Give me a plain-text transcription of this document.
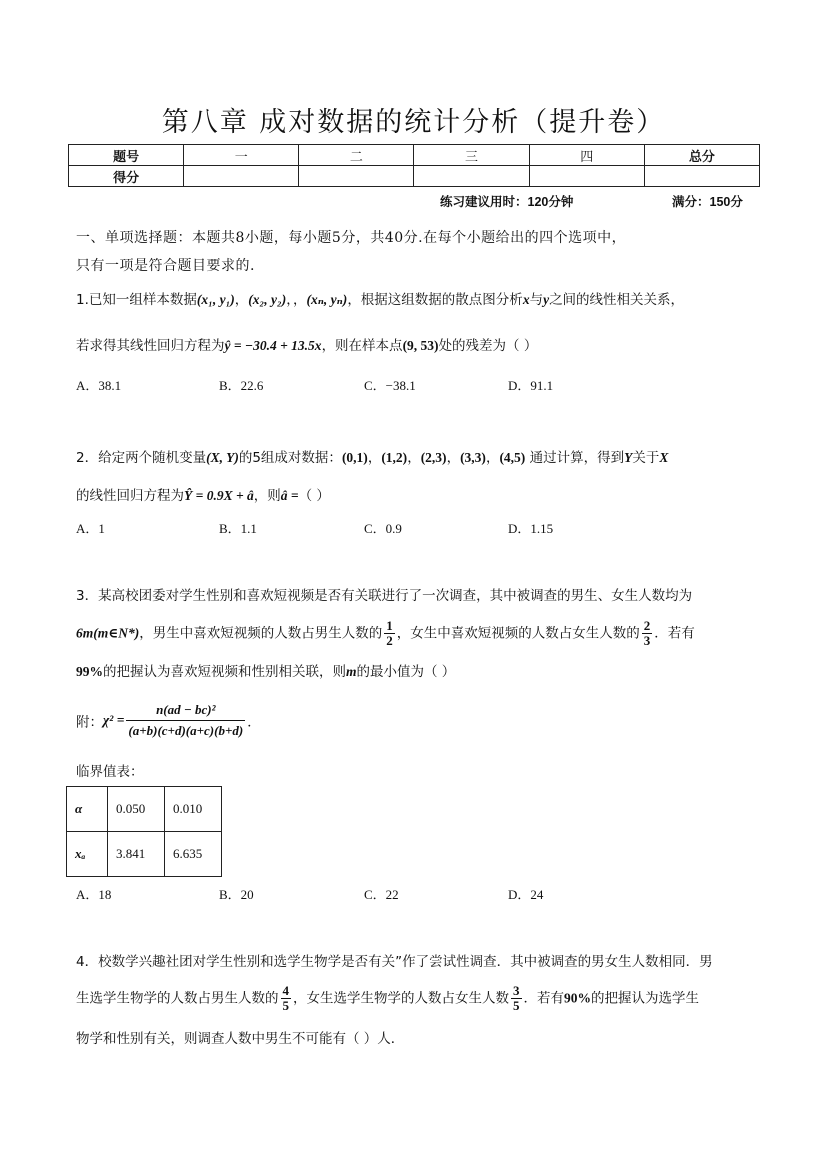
第八章 成对数据的统计分析（提升卷）
题号	一	二	三	四	总分
得分					
练习建议用时：120分钟	满分：150分
一、单项选择题：本题共8小题，每小题5分，共40分.在每个小题给出的四个选项中，
只有一项是符合题目要求的.
1.已知一组样本数据(x₁, y₁)，(x₂, y₂)，，(xₙ, yₙ)，根据这组数据的散点图分析x与y之间的线性相关关系，
若求得其线性回归方程为ŷ = −30.4 + 13.5x，则在样本点(9, 53)处的残差为（ ）
A．38.1	B．22.6	C．−38.1	D．91.1
2．给定两个随机变量(X, Y)的5组成对数据：(0,1)，(1,2)，(2,3)，(3,3)，(4,5) 通过计算，得到Y关于X
的线性回归方程为Ŷ = 0.9X + â，则â =（ ）
A．1	B．1.1	C．0.9	D．1.15
3．某高校团委对学生性别和喜欢短视频是否有关联进行了一次调查，其中被调查的男生、女生人数均为
6m(m∈N*)，男生中喜欢短视频的人数占男生人数的 $\frac{1}{2}$ ，女生中喜欢短视频的人数占女生人数的 $\frac{2}{3}$ ．若有
99%的把握认为喜欢短视频和性别相关联，则m的最小值为（ ）
附：$\chi^2 = \frac{\text{n(ad − bc)²}}{(a+b)(c+d)(a+c)(b+d)}$ ．
临界值表：
α	0.050	0.010
xₐ	3.841	6.635
A．18	B．20	C．22	D．24
4．校数学兴趣社团对学生性别和选学生物学是否有关”作了尝试性调查．其中被调查的男女生人数相同．男
生选学生物学的人数占男生人数的 $\frac{4}{5}$ ，女生选学生物学的人数占女生人数 $\frac{3}{5}$ ．若有90%的把握认为选学生
物学和性别有关，则调查人数中男生不可能有（ ）人．
